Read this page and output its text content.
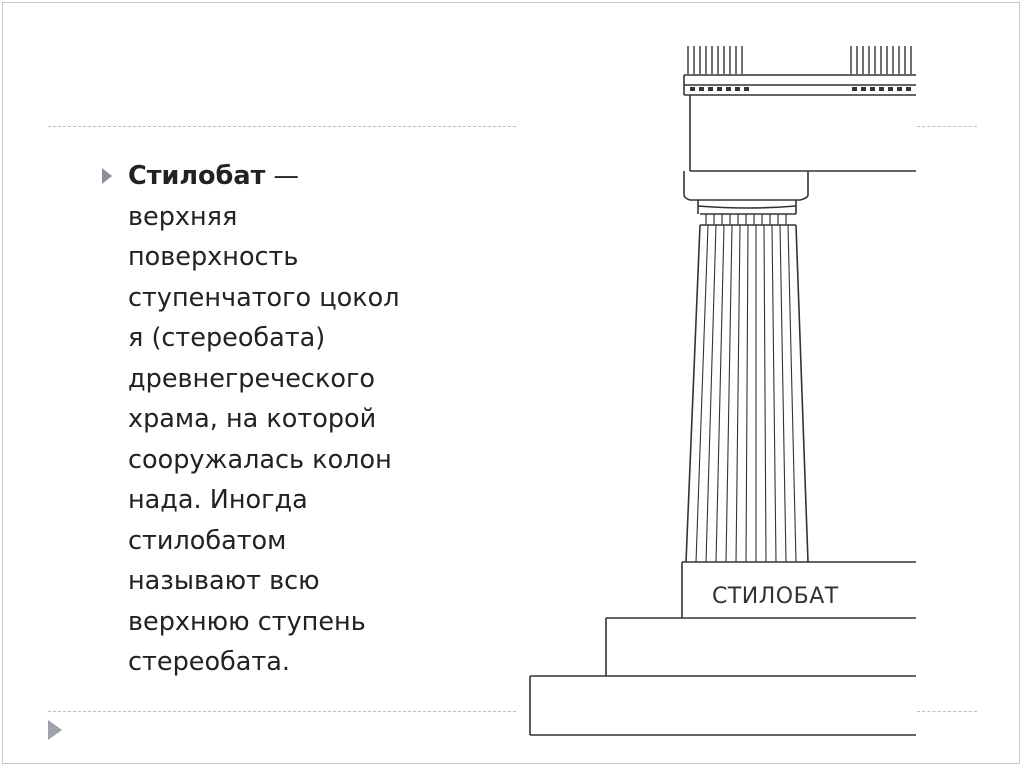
Стилобат —
верхняя
поверхность
ступенчатого цокол
я (стереобата)
древнегреческого
храма, на которой
сооружалась колон
нада. Иногда
стилобатом
называют всю
верхнюю ступень
стереобата.
СТИЛОБАТ
